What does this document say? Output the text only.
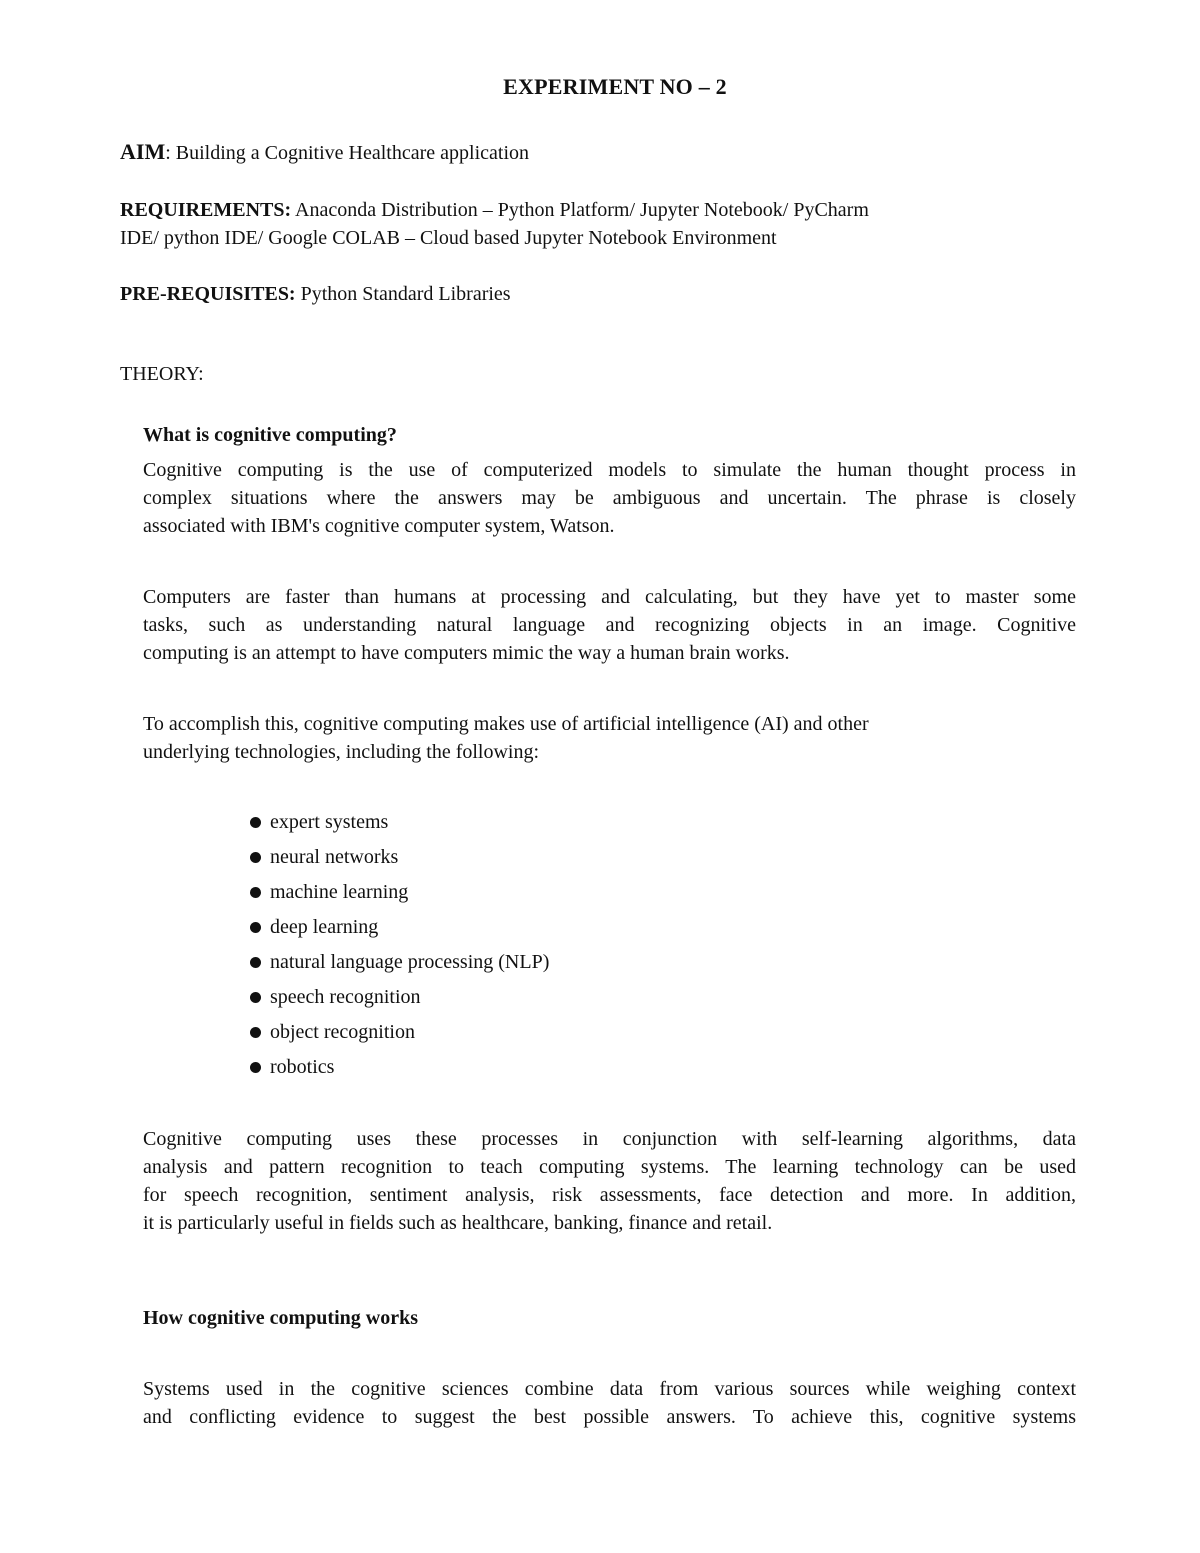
EXPERIMENT NO – 2
AIM: Building a Cognitive Healthcare application
REQUIREMENTS: Anaconda Distribution – Python Platform/ Jupyter Notebook/ PyCharm
IDE/ python IDE/ Google COLAB – Cloud based Jupyter Notebook Environment
PRE-REQUISITES: Python Standard Libraries
THEORY:
What is cognitive computing?
Cognitive computing is the use of computerized models to simulate the human thought process in
complex situations where the answers may be ambiguous and uncertain. The phrase is closely
associated with IBM's cognitive computer system, Watson.
Computers are faster than humans at processing and calculating, but they have yet to master some
tasks, such as understanding natural language and recognizing objects in an image. Cognitive
computing is an attempt to have computers mimic the way a human brain works.
To accomplish this, cognitive computing makes use of artificial intelligence (AI) and other
underlying technologies, including the following:
expert systems
neural networks
machine learning
deep learning
natural language processing (NLP)
speech recognition
object recognition
robotics
Cognitive computing uses these processes in conjunction with self-learning algorithms, data
analysis and pattern recognition to teach computing systems. The learning technology can be used
for speech recognition, sentiment analysis, risk assessments, face detection and more. In addition,
it is particularly useful in fields such as healthcare, banking, finance and retail.
How cognitive computing works
Systems used in the cognitive sciences combine data from various sources while weighing context
and conflicting evidence to suggest the best possible answers. To achieve this, cognitive systems
